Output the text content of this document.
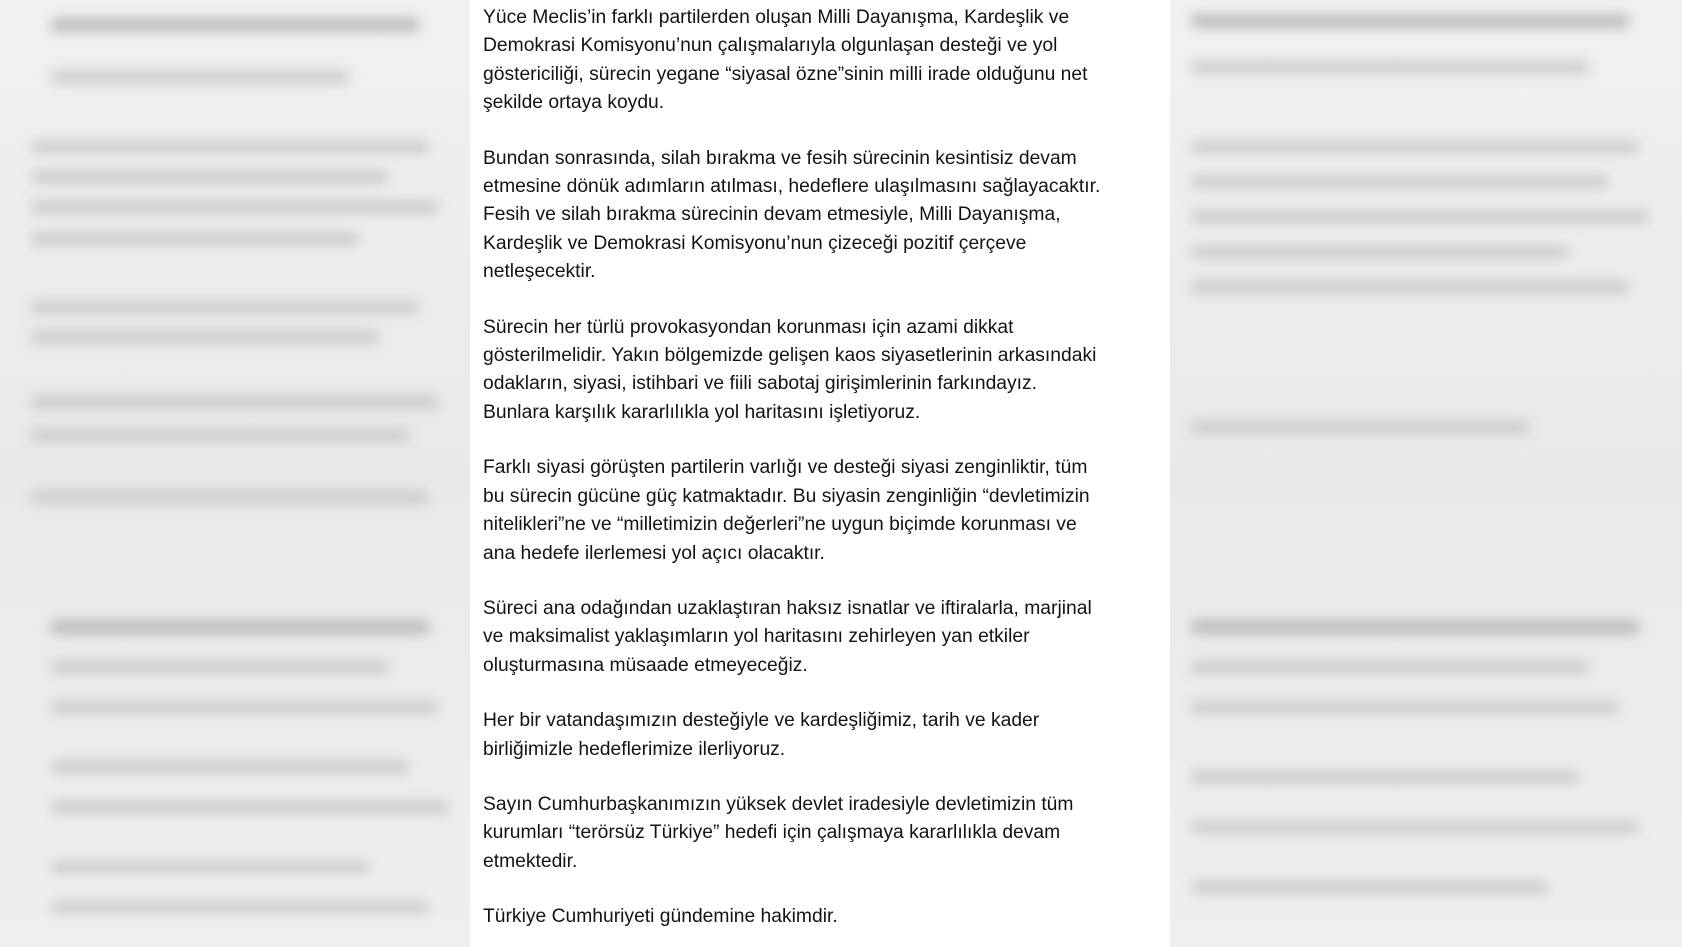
Yüce Meclis’in farklı partilerden oluşan Milli Dayanışma, Kardeşlik ve
Demokrasi Komisyonu’nun çalışmalarıyla olgunlaşan desteği ve yol
göstericiliği, sürecin yegane “siyasal özne”sinin milli irade olduğunu net
şekilde ortaya koydu.

Bundan sonrasında, silah bırakma ve fesih sürecinin kesintisiz devam
etmesine dönük adımların atılması, hedeflere ulaşılmasını sağlayacaktır.
Fesih ve silah bırakma sürecinin devam etmesiyle, Milli Dayanışma,
Kardeşlik ve Demokrasi Komisyonu’nun çizeceği pozitif çerçeve
netleşecektir.

Sürecin her türlü provokasyondan korunması için azami dikkat
gösterilmelidir. Yakın bölgemizde gelişen kaos siyasetlerinin arkasındaki
odakların, siyasi, istihbari ve fiili sabotaj girişimlerinin farkındayız.
Bunlara karşılık kararlılıkla yol haritasını işletiyoruz.

Farklı siyasi görüşten partilerin varlığı ve desteği siyasi zenginliktir, tüm
bu sürecin gücüne güç katmaktadır. Bu siyasin zenginliğin “devletimizin
nitelikleri”ne ve “milletimizin değerleri”ne uygun biçimde korunması ve
ana hedefe ilerlemesi yol açıcı olacaktır.

Süreci ana odağından uzaklaştıran haksız isnatlar ve iftiralarla, marjinal
ve maksimalist yaklaşımların yol haritasını zehirleyen yan etkiler
oluşturmasına müsaade etmeyeceğiz.

Her bir vatandaşımızın desteğiyle ve kardeşliğimiz, tarih ve kader
birliğimizle hedeflerimize ilerliyoruz.

Sayın Cumhurbaşkanımızın yüksek devlet iradesiyle devletimizin tüm
kurumları “terörsüz Türkiye” hedefi için çalışmaya kararlılıkla devam
etmektedir.

Türkiye Cumhuriyeti gündemine hakimdir.
